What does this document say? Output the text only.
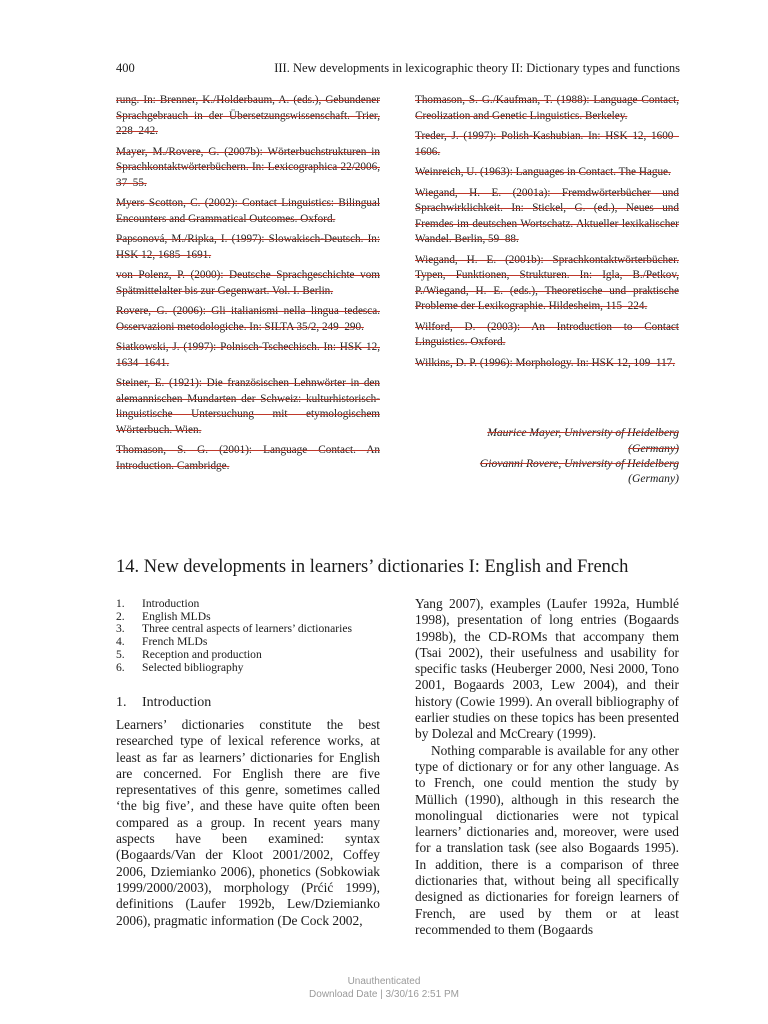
400	III. New developments in lexicographic theory II: Dictionary types and functions

rung. In: Brenner, K./Holderbaum, A. (eds.), Gebundener Sprachgebrauch in der Übersetzungswissenschaft. Trier, 228–242.

Mayer, M./Rovere, G. (2007b): Wörterbuchstrukturen in Sprachkontaktwörterbüchern. In: Lexicographica 22/2006, 37–55.

Myers Scotton, C. (2002): Contact Linguistics: Bilingual Encounters and Grammatical Outcomes. Oxford.

Papsonová, M./Ripka, I. (1997): Slowakisch-Deutsch. In: HSK 12, 1685–1691.

von Polenz, P. (2000): Deutsche Sprachgeschichte vom Spätmittelalter bis zur Gegenwart. Vol. I. Berlin.

Rovere, G. (2006): Gli italianismi nella lingua tedesca. Osservazioni metodologiche. In: SILTA 35/2, 249–290.

Siatkowski, J. (1997): Polnisch-Tschechisch. In: HSK 12, 1634–1641.

Steiner, E. (1921): Die französischen Lehnwörter in den alemannischen Mundarten der Schweiz: kulturhistorisch-linguistische Untersuchung mit etymologischem Wörterbuch. Wien.

Thomason, S. G. (2001): Language Contact. An Introduction. Cambridge.

Thomason, S. G./Kaufman, T. (1988): Language Contact, Creolization and Genetic Linguistics. Berkeley.

Treder, J. (1997): Polish-Kashubian. In: HSK 12, 1600–1606.

Weinreich, U. (1963): Languages in Contact. The Hague.

Wiegand, H. E. (2001a): Fremdwörterbücher und Sprachwirklichkeit. In: Stickel, G. (ed.), Neues und Fremdes im deutschen Wortschatz. Aktueller lexikalischer Wandel. Berlin, 59–88.

Wiegand, H. E. (2001b): Sprachkontaktwörterbücher. Typen, Funktionen, Strukturen. In: Igla, B./Petkov, P./Wiegand, H. E. (eds.), Theoretische und praktische Probleme der Lexikographie. Hildesheim, 115–224.

Wilford, D. (2003): An Introduction to Contact Linguistics. Oxford.

Wilkins, D. P. (1996): Morphology. In: HSK 12, 109–117.

Maurice Mayer, University of Heidelberg
(Germany)
Giovanni Rovere, University of Heidelberg
(Germany)
14. New developments in learners’ dictionaries I: English and French
1.	Introduction
2.	English MLDs
3.	Three central aspects of learners’ dictionaries
4.	French MLDs
5.	Reception and production
6.	Selected bibliography
1. Introduction

Learners’ dictionaries constitute the best researched type of lexical reference works, at least as far as learners’ dictionaries for English are concerned. For English there are five representatives of this genre, sometimes called ‘the big five’, and these have quite often been compared as a group. In recent years many aspects have been examined: syntax (Bogaards/Van der Kloot 2001/2002, Coffey 2006, Dziemianko 2006), phonetics (Sobkowiak 1999/2000/2003), morphology (Prćić 1999), definitions (Laufer 1992b, Lew/Dziemianko 2006), pragmatic information (De Cock 2002,

Yang 2007), examples (Laufer 1992a, Humblé 1998), presentation of long entries (Bogaards 1998b), the CD-ROMs that accompany them (Tsai 2002), their usefulness and usability for specific tasks (Heuberger 2000, Nesi 2000, Tono 2001, Bogaards 2003, Lew 2004), and their history (Cowie 1999). An overall bibliography of earlier studies on these topics has been presented by Dolezal and McCreary (1999).

Nothing comparable is available for any other type of dictionary or for any other language. As to French, one could mention the study by Müllich (1990), although in this research the monolingual dictionaries were not typical learners’ dictionaries and, moreover, were used for a translation task (see also Bogaards 1995). In addition, there is a comparison of three dictionaries that, without being all specifically designed as dictionaries for foreign learners of French, are used by them or at least recommended to them (Bogaards

Unauthenticated
Download Date | 3/30/16 2:51 PM
